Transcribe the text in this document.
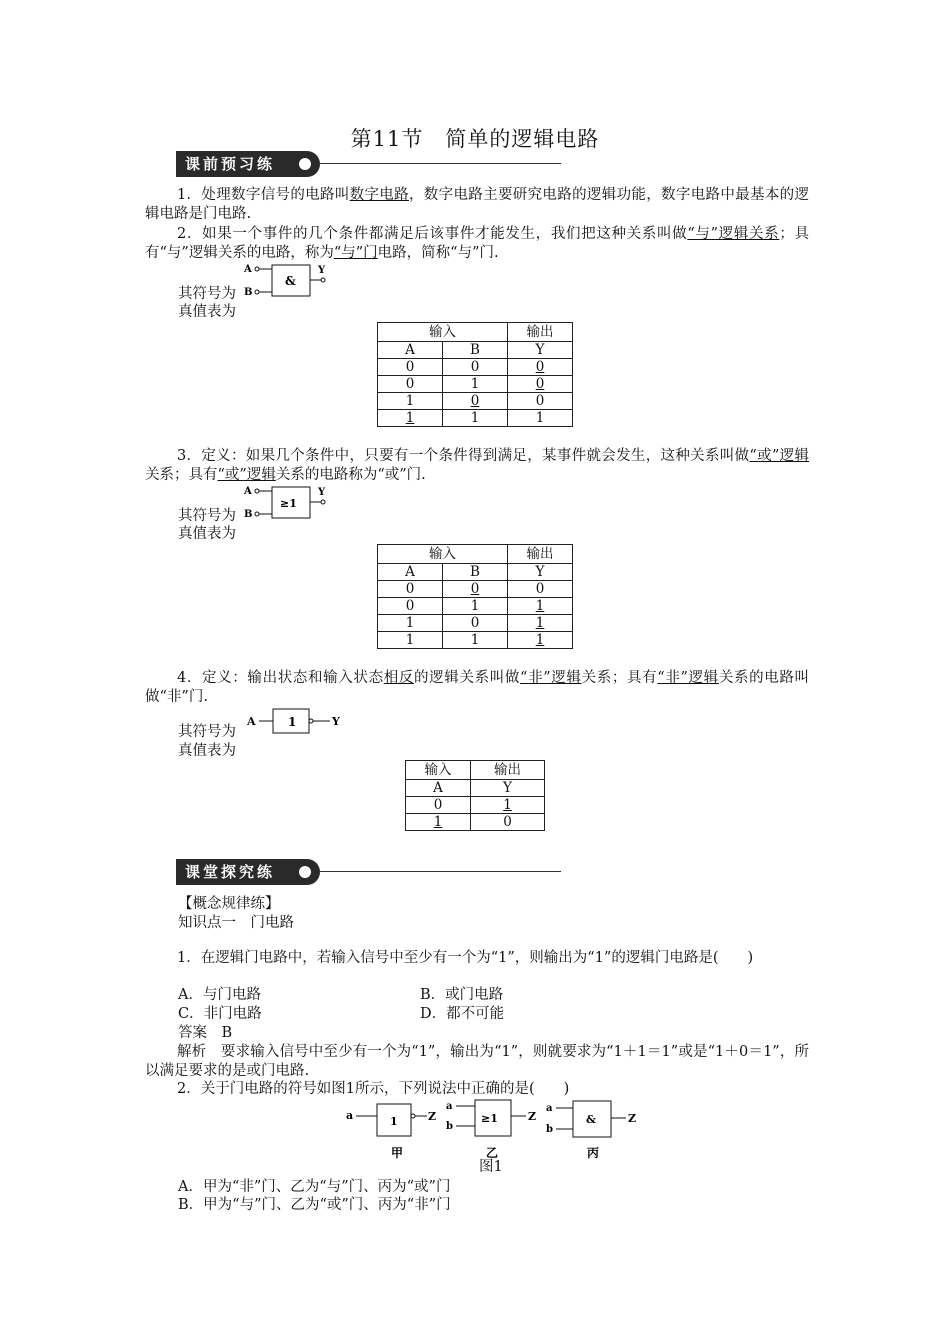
第11节　简单的逻辑电路
课前预习练
1．处理数字信号的电路叫数字电路，数字电路主要研究电路的逻辑功能，数字电路中最基本的逻辑电路是门电路.
2．如果一个事件的几个条件都满足后该事件才能发生，我们把这种关系叫做“与”逻辑关系；具有“与”逻辑关系的电路，称为“与”门电路，简称“与”门.
A
B
&
Y
其符号为
真值表为
输入		输出
A	B	Y
0	0	0
0	1	0
1	0	0
1	1	1
3．定义：如果几个条件中，只要有一个条件得到满足，某事件就会发生，这种关系叫做“或”逻辑关系；具有“或”逻辑关系的电路称为“或”门.
A
B
≥1
Y
其符号为
真值表为
输入		输出
A	B	Y
0	0	0
0	1	1
1	0	1
1	1	1
4．定义：输出状态和输入状态相反的逻辑关系叫做“非”逻辑关系；具有“非”逻辑关系的电路叫做“非”门.
A	1	Y
其符号为
真值表为
输入	输出
A	Y
0	1
1	0
课堂探究练
【概念规律练】
知识点一　门电路
1．在逻辑门电路中，若输入信号中至少有一个为“1”，则输出为“1”的逻辑门电路是(　　)
A．与门电路	B．或门电路
C．非门电路	D．都不可能
答案　B
解析　要求输入信号中至少有一个为“1”，输出为“1”，则就要求为“1＋1＝1”或是“1＋0＝1”，所以满足要求的是或门电路.
2．关于门电路的符号如图1所示，下列说法中正确的是(　　)
a	1	Z
甲
a
b
≥1	Z
乙
a
b
&	Z
丙
图1
A．甲为“非”门、乙为“与”门、丙为“或”门
B．甲为“与”门、乙为“或”门、丙为“非”门
